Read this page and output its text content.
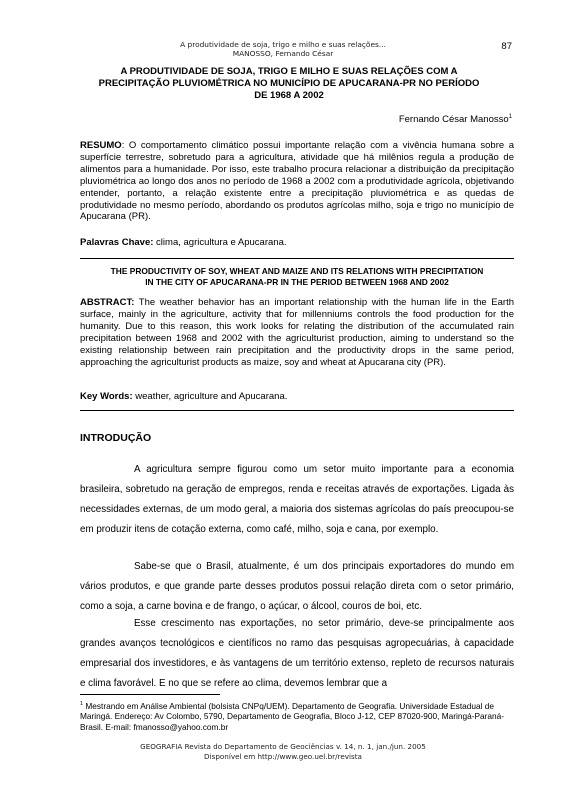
A produtividade de soja, trigo e milho e suas relações...
MANOSSO, Fernando César
87
A PRODUTIVIDADE DE SOJA, TRIGO E MILHO E SUAS RELAÇÕES COM A
PRECIPITAÇÃO PLUVIOMÉTRICA NO MUNICÍPIO DE APUCARANA-PR NO PERÍODO
DE 1968 A 2002
Fernando César Manosso$^1$
RESUMO: O comportamento climático possui importante relação com a vivência humana sobre a superfície terrestre, sobretudo para a agricultura, atividade que há milênios regula a produção de alimentos para a humanidade. Por isso, este trabalho procura relacionar a distribuição da precipitação pluviométrica ao longo dos anos no período de 1968 a 2002 com a produtividade agrícola, objetivando entender, portanto, a relação existente entre a precipitação pluviométrica e as quedas de produtividade no mesmo período, abordando os produtos agrícolas milho, soja e trigo no município de Apucarana (PR).
Palavras Chave: clima, agricultura e Apucarana.
THE PRODUCTIVITY OF SOY, WHEAT AND MAIZE AND ITS RELATIONS WITH PRECIPITATION
IN THE CITY OF APUCARANA-PR IN THE PERIOD BETWEEN 1968 AND 2002
ABSTRACT: The weather behavior has an important relationship with the human life in the Earth surface, mainly in the agriculture, activity that for millenniums controls the food production for the humanity. Due to this reason, this work looks for relating the distribution of the accumulated rain precipitation between 1968 and 2002 with the agriculturist production, aiming to understand so the existing relationship between rain precipitation and the productivity drops in the same period, approaching the agriculturist products as maize, soy and wheat at Apucarana city (PR).
Key Words: weather, agriculture and Apucarana.
INTRODUÇÃO
A agricultura sempre figurou como um setor muito importante para a economia brasileira, sobretudo na geração de empregos, renda e receitas através de exportações. Ligada às necessidades externas, de um modo geral, a maioria dos sistemas agrícolas do país preocupou-se em produzir itens de cotação externa, como café, milho, soja e cana, por exemplo.
Sabe-se que o Brasil, atualmente, é um dos principais exportadores do mundo em vários produtos, e que grande parte desses produtos possui relação direta com o setor primário, como a soja, a carne bovina e de frango, o açúcar, o álcool, couros de boi, etc.
Esse crescimento nas exportações, no setor primário, deve-se principalmente aos grandes avanços tecnológicos e científicos no ramo das pesquisas agropecuárias, à capacidade empresarial dos investidores, e às vantagens de um território extenso, repleto de recursos naturais e clima favorável. E no que se refere ao clima, devemos lembrar que a
$^1$ Mestrando em Análise Ambiental (bolsista CNPq/UEM). Departamento de Geografia. Universidade Estadual de Maringá. Endereço: Av Colombo, 5790, Departamento de Geografia, Bloco J-12, CEP 87020-900, Maringá-Paraná-Brasil. E-mail: fmanosso@yahoo.com.br
GEOGRAFIA Revista do Departamento de Geociências v. 14, n. 1, jan./jun. 2005
Disponível em http://www.geo.uel.br/revista
